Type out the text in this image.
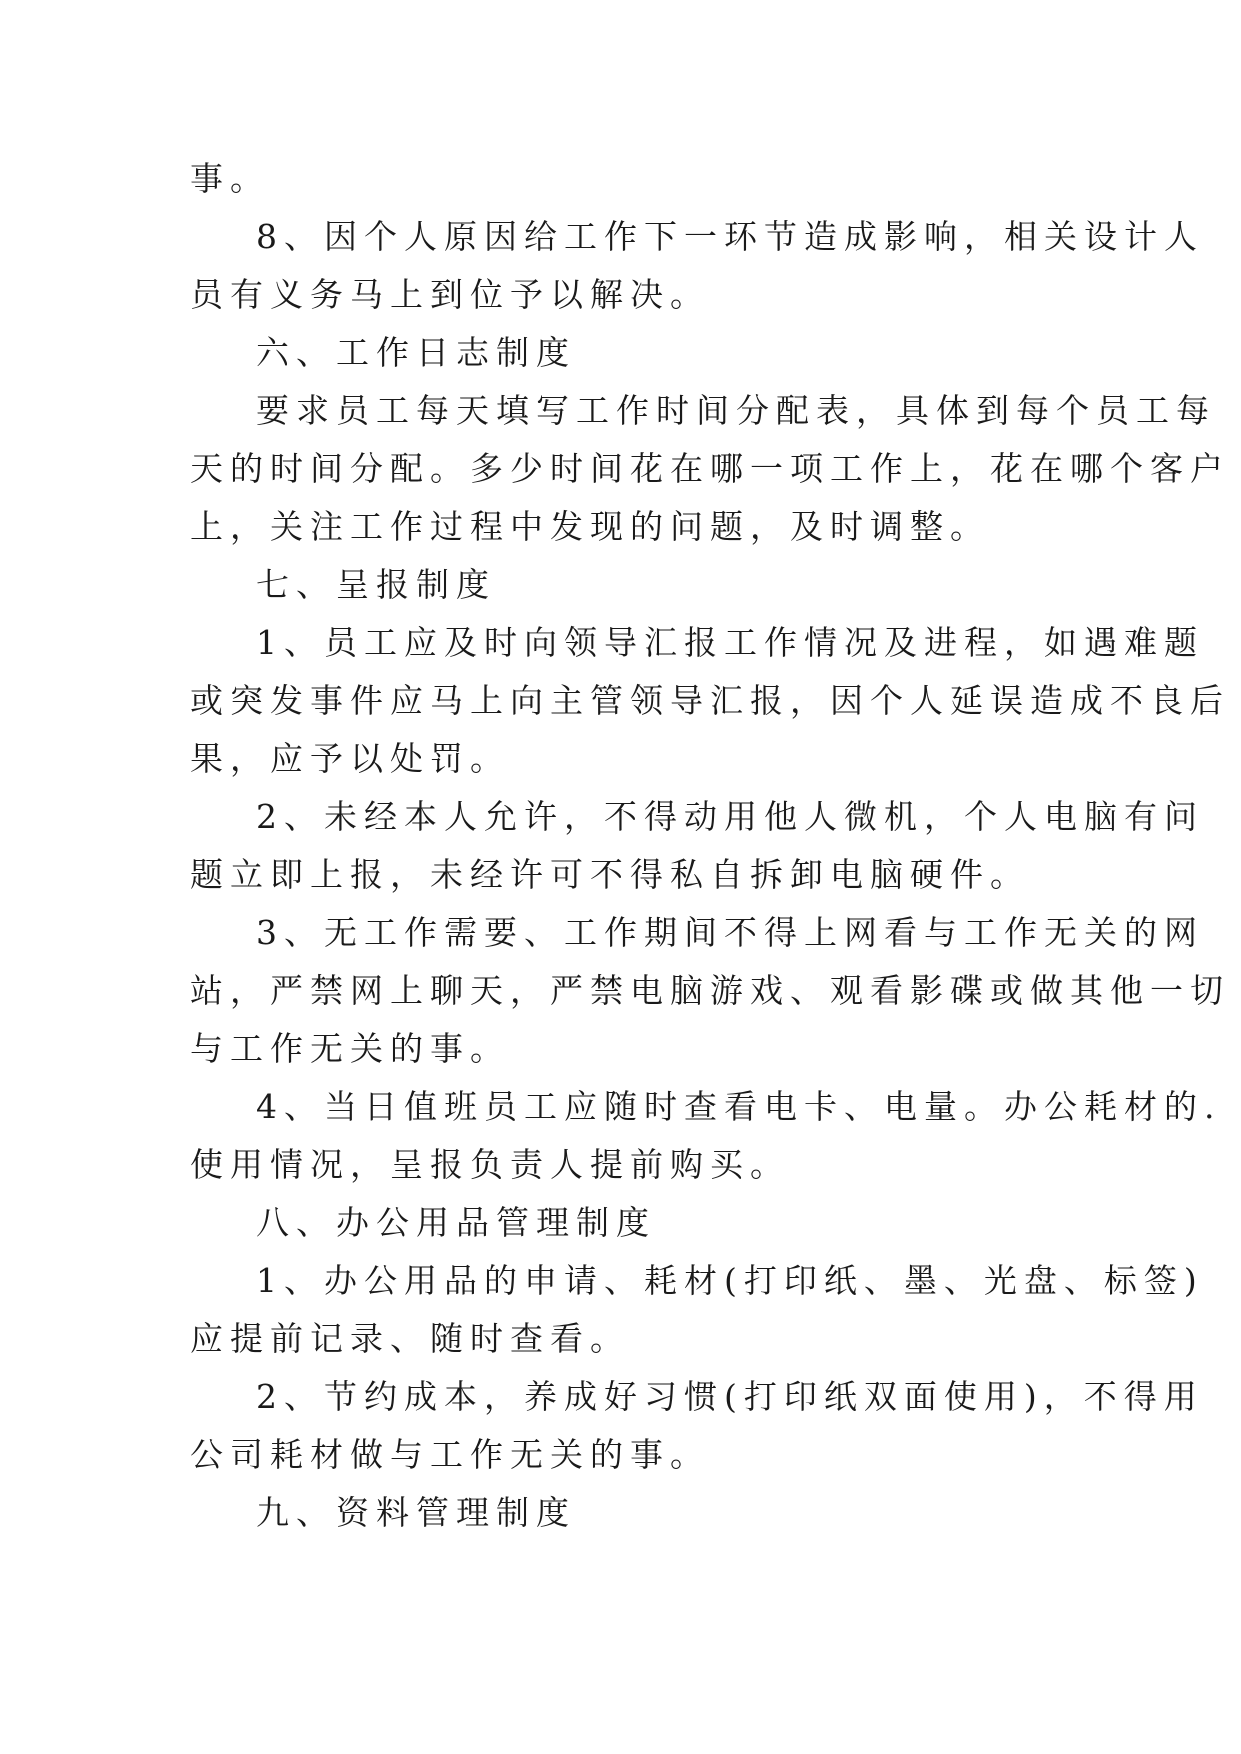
事。
8、因个人原因给工作下一环节造成影响，相关设计人
员有义务马上到位予以解决。
六、工作日志制度
要求员工每天填写工作时间分配表，具体到每个员工每
天的时间分配。多少时间花在哪一项工作上，花在哪个客户
上，关注工作过程中发现的问题，及时调整。
七、呈报制度
1、员工应及时向领导汇报工作情况及进程，如遇难题
或突发事件应马上向主管领导汇报，因个人延误造成不良后
果，应予以处罚。
2、未经本人允许，不得动用他人微机，个人电脑有问
题立即上报，未经许可不得私自拆卸电脑硬件。
3、无工作需要、工作期间不得上网看与工作无关的网
站，严禁网上聊天，严禁电脑游戏、观看影碟或做其他一切
与工作无关的事。
4、当日值班员工应随时查看电卡、电量。办公耗材的.
使用情况，呈报负责人提前购买。
八、办公用品管理制度
1、办公用品的申请、耗材(打印纸、墨、光盘、标签)
应提前记录、随时查看。
2、节约成本，养成好习惯(打印纸双面使用)，不得用
公司耗材做与工作无关的事。
九、资料管理制度
